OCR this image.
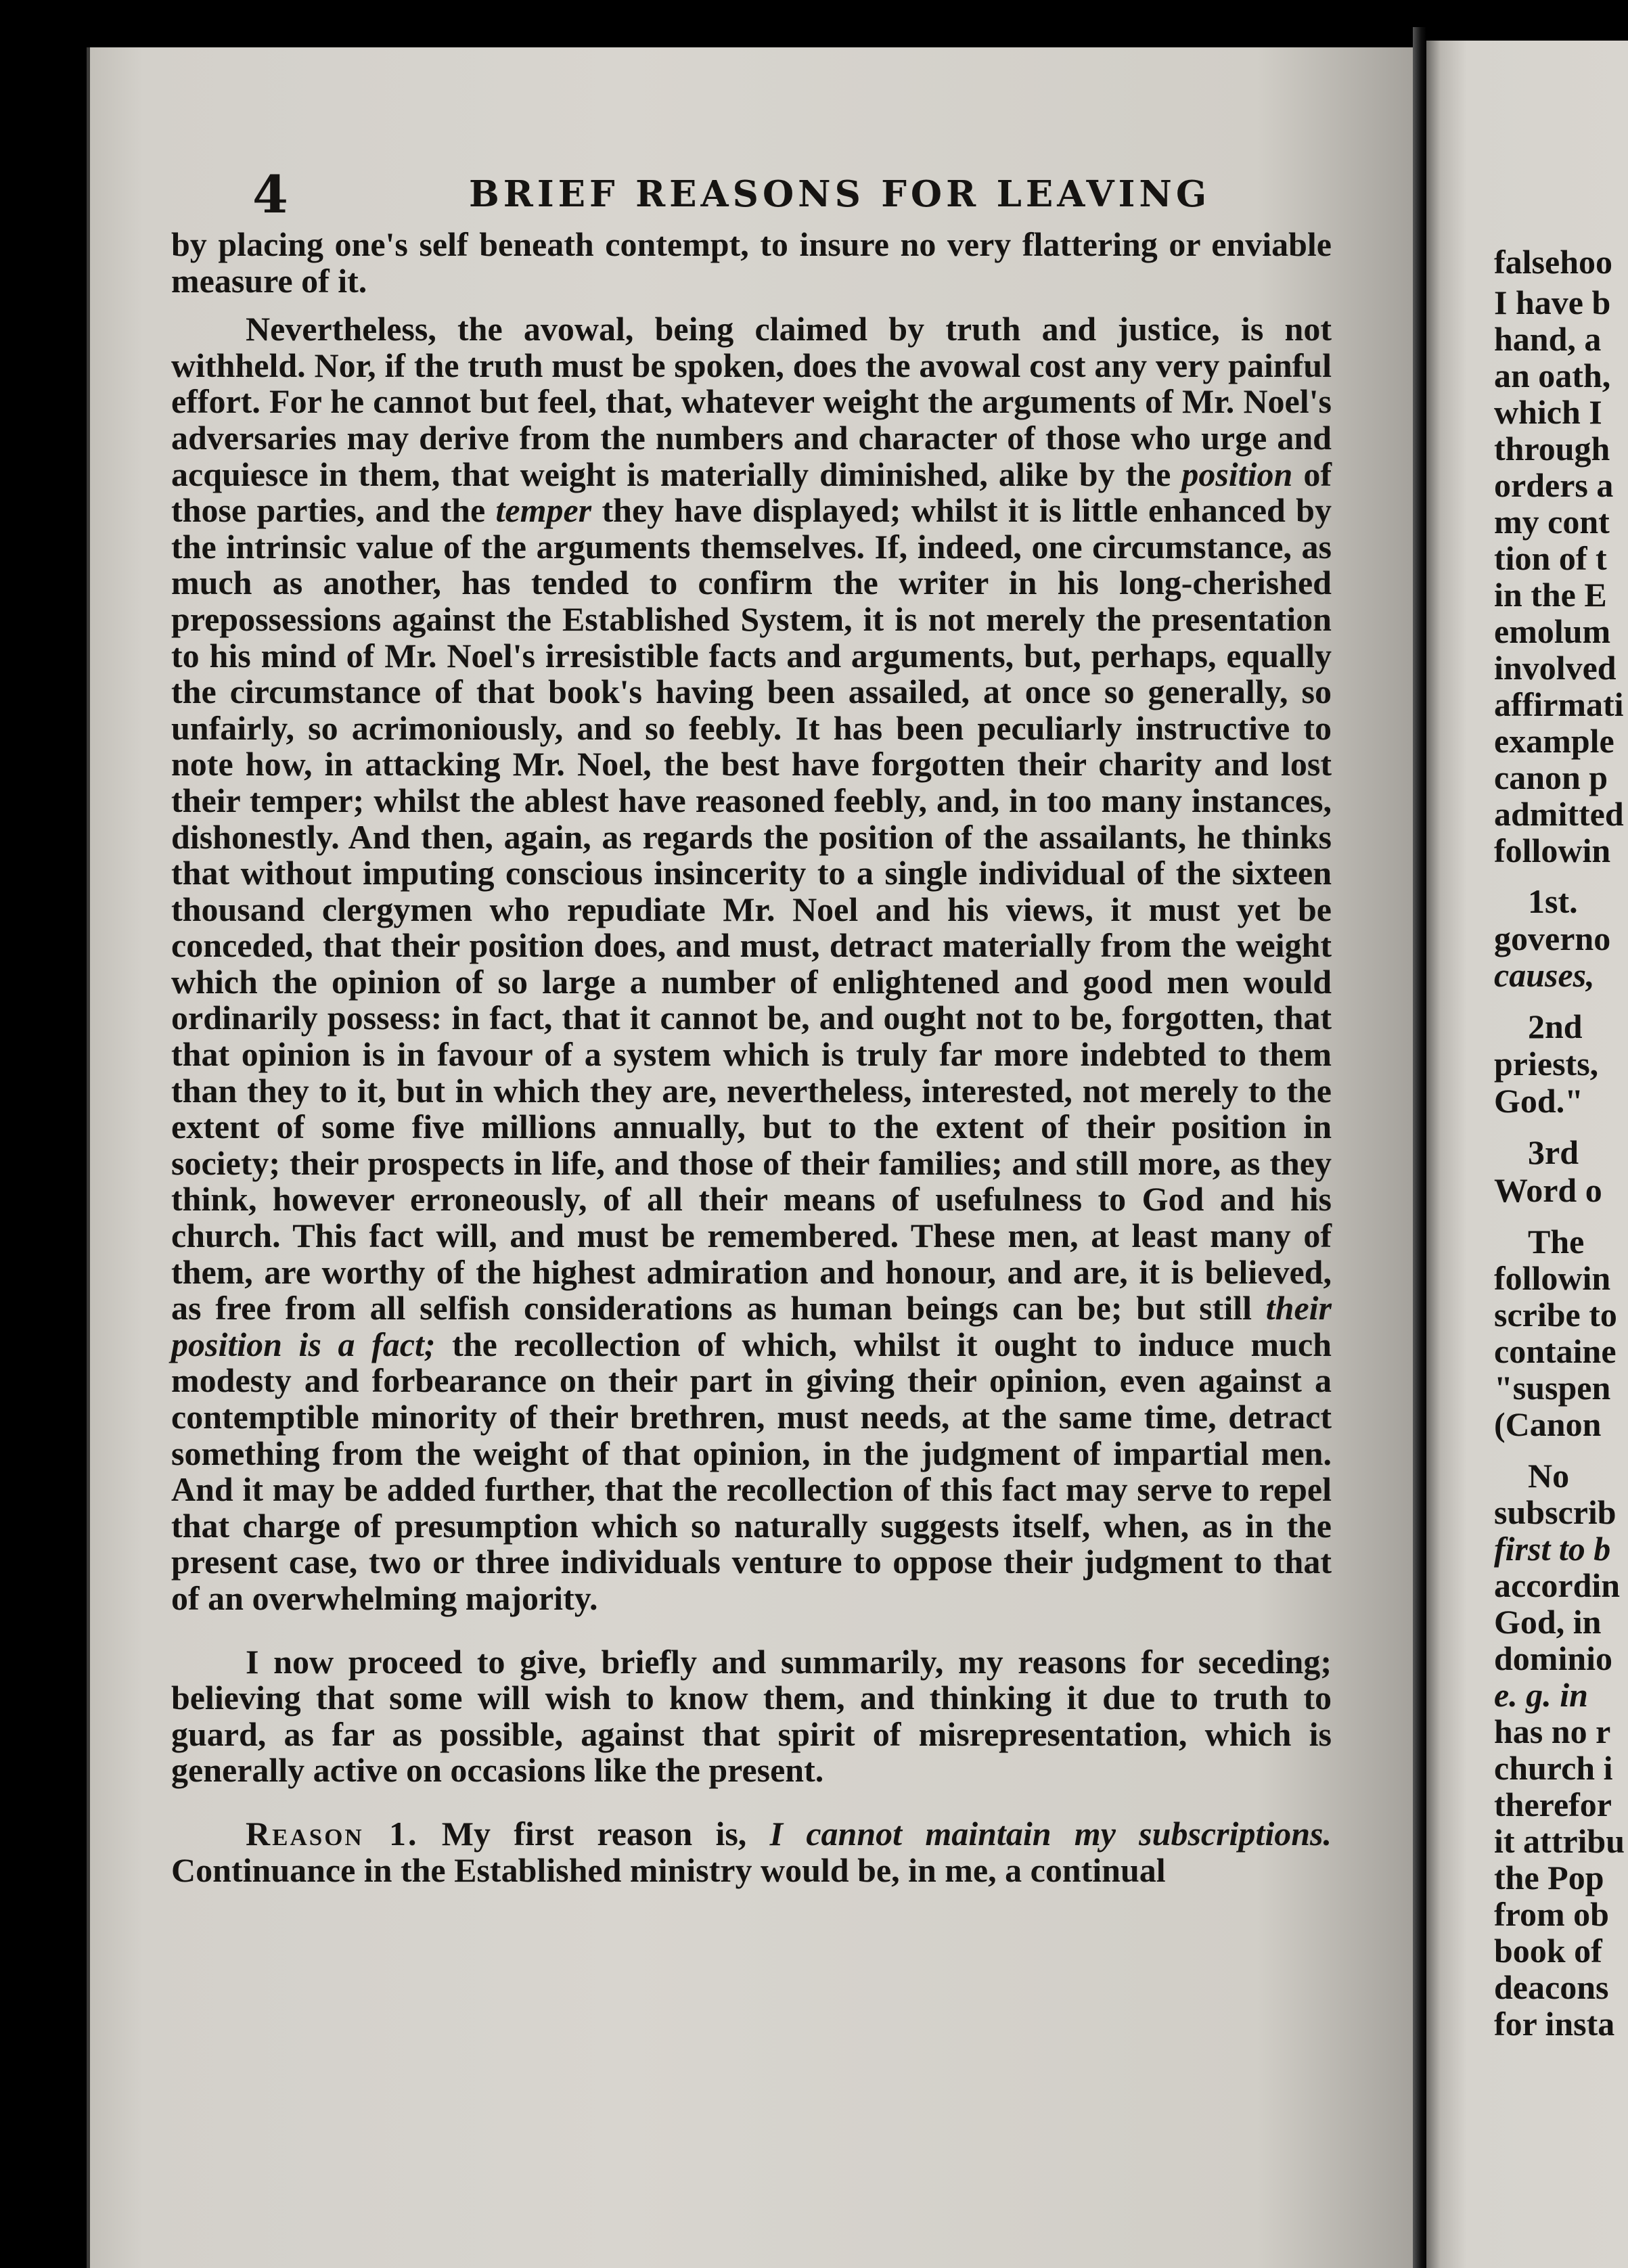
4	BRIEF REASONS FOR LEAVING

by placing one's self beneath contempt, to insure no very flattering or enviable measure of it.

Nevertheless, the avowal, being claimed by truth and justice, is not withheld. Nor, if the truth must be spoken, does the avowal cost any very painful effort. For he cannot but feel, that, whatever weight the arguments of Mr. Noel's adversaries may derive from the numbers and character of those who urge and acquiesce in them, that weight is materially diminished, alike by the position of those parties, and the temper they have displayed; whilst it is little enhanced by the intrinsic value of the arguments themselves. If, indeed, one circumstance, as much as another, has tended to confirm the writer in his long-cherished prepossessions against the Established System, it is not merely the presentation to his mind of Mr. Noel's irresistible facts and arguments, but, perhaps, equally the circumstance of that book's having been assailed, at once so generally, so unfairly, so acrimoniously, and so feebly. It has been peculiarly instructive to note how, in attacking Mr. Noel, the best have forgotten their charity and lost their temper; whilst the ablest have reasoned feebly, and, in too many instances, dishonestly. And then, again, as regards the position of the assailants, he thinks that without imputing conscious insincerity to a single individual of the sixteen thousand clergymen who repudiate Mr. Noel and his views, it must yet be conceded, that their position does, and must, detract materially from the weight which the opinion of so large a number of enlightened and good men would ordinarily possess: in fact, that it cannot be, and ought not to be, forgotten, that that opinion is in favour of a system which is truly far more indebted to them than they to it, but in which they are, nevertheless, interested, not merely to the extent of some five millions annually, but to the extent of their position in society; their prospects in life, and those of their families; and still more, as they think, however erroneously, of all their means of usefulness to God and his church. This fact will, and must be remembered. These men, at least many of them, are worthy of the highest admiration and honour, and are, it is believed, as free from all selfish considerations as human beings can be; but still their position is a fact; the recollection of which, whilst it ought to induce much modesty and forbearance on their part in giving their opinion, even against a contemptible minority of their brethren, must needs, at the same time, detract something from the weight of that opinion, in the judgment of impartial men. And it may be added further, that the recollection of this fact may serve to repel that charge of presumption which so naturally suggests itself, when, as in the present case, two or three individuals venture to oppose their judgment to that of an overwhelming majority.

I now proceed to give, briefly and summarily, my reasons for seceding; believing that some will wish to know them, and thinking it due to truth to guard, as far as possible, against that spirit of misrepresentation, which is generally active on occasions like the present.

Reason 1. My first reason is, I cannot maintain my subscriptions. Continuance in the Established ministry would be, in me, a continual

falsehoo
I have b
hand, a
an oath,
which I
through
orders a
my cont
tion of t
in the E
emolum
involved
affirmati
example
canon p
admitted
followin
1st.
governo
causes,
2nd
priests,
God."
3rd
Word o
The
followin
scribe to
containe
"suspen
(Canon
No
subscrib
first to b
accordin
God, in
dominio
e. g. in
has no r
church i
therefor
it attribu
the Pop
from ob
book of
deacons
for insta
